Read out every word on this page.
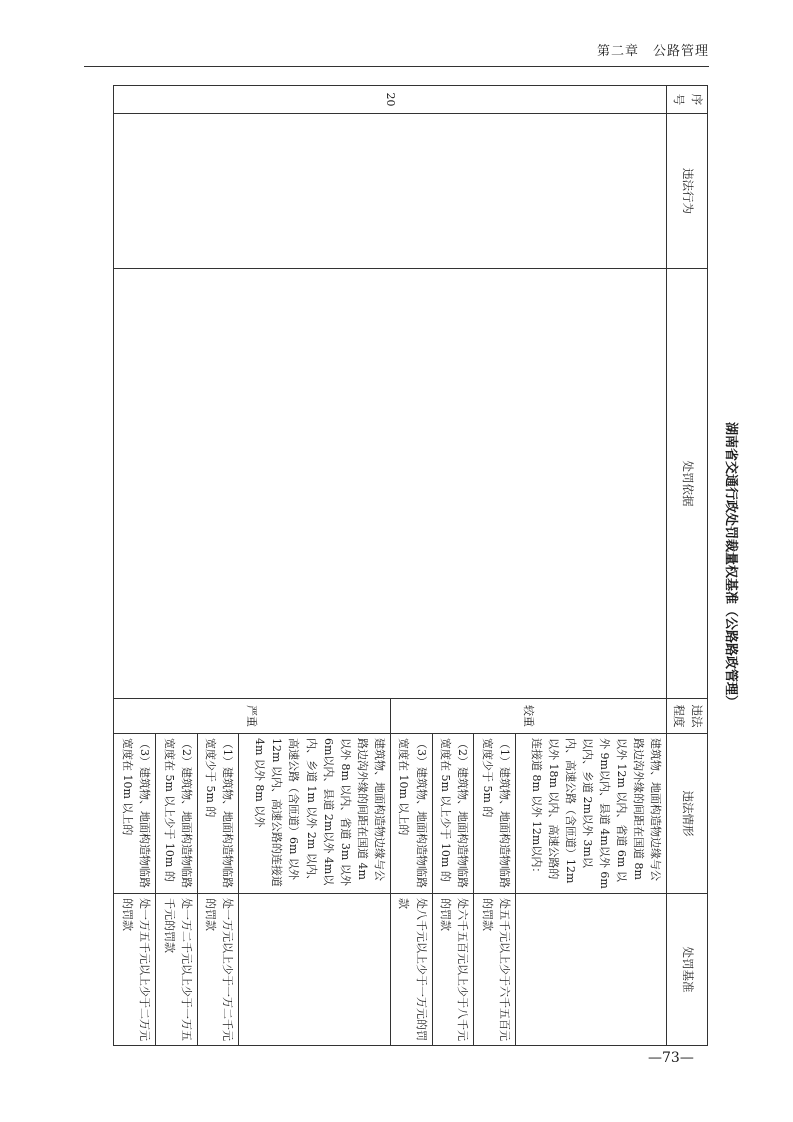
第二章　公路管理
湖南省交通行政处罚裁量权基准（公路路政管理）
序号	违法行为	处罚依据	违法程度	违法情形	处罚基准
20			较重	建筑物、地面构造物边缘与公路边沟外缘的间距在国道 8m 以外 12m 以内、省道 6m 以外 9m以内、县道 4m以外 6m以内、乡道 2m以外 3m以内、高速公路（含匝道）12m 以外 18m 以内、高速公路的连接道 8m 以外 12m以内：	
				（1）建筑物、地面构造物临路宽度少于 5m 的	处五千元以上少于六千五百元的罚款
				（2）建筑物、地面构造物临路宽度在 5m 以上少于 10m 的	处六千五百元以上少于八千元的罚款
				（3）建筑物、地面构造物临路宽度在 10m 以上的	处八千元以上少于一万元的罚款
			严重	建筑物、地面构造物边缘与公路边沟外缘的间距在国道 4m 以外 8m 以内、省道 3m 以外 6m以内、县道 2m以外 4m以内、乡道 1m 以外 2m 以内、高速公路（含匝道）6m 以外 12m 以内、高速公路的连接道 4m 以外 8m 以外	
				（1）建筑物、地面构造物临路宽度少于 5m 的	处一万元以上少于一万二千元的罚款
				（2）建筑物、地面构造物临路宽度在 5m 以上少于 10m 的	处一万二千元以上少于一万五千元的罚款
				（3）建筑物、地面构造物临路宽度在 10m 以上的	处一万五千元以上少于二万元的罚款
—73—
